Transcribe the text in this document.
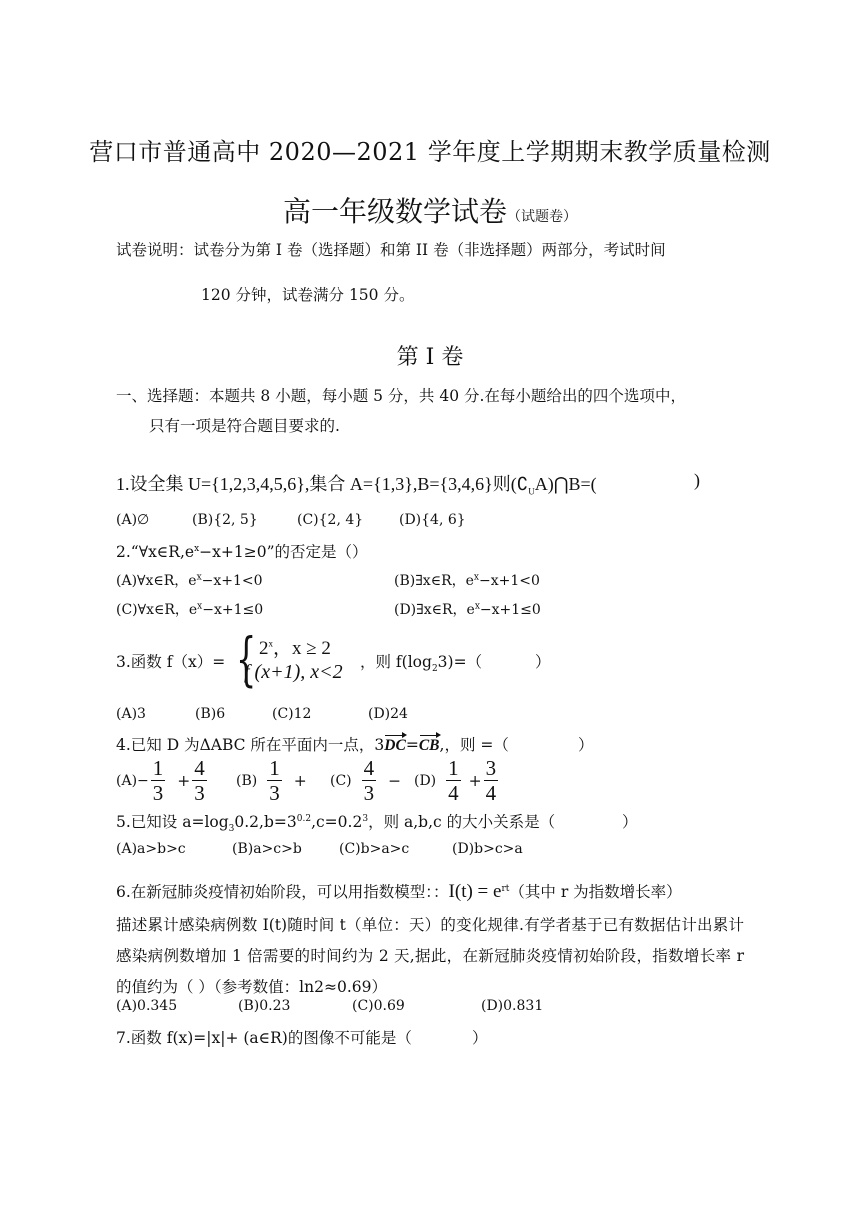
营口市普通高中 2020—2021 学年度上学期期末教学质量检测
高一年级数学试卷（试题卷）
试卷说明：试卷分为第 I 卷（选择题）和第 II 卷（非选择题）两部分，考试时间
120 分钟，试卷满分 150 分。
第 I 卷
一、选择题：本题共 8 小题，每小题 5 分，共 40 分.在每小题给出的四个选项中，
只有一项是符合题目要求的.
1.设全集 U={1,2,3,4,5,6},集合 A={1,3},B={3,4,6}则$(∁_UA)⋂B=$(	)
(A)∅	(B){2, 5}	(C){2, 4}	(D){4, 6}
$2.“\forall x\in R,e^x-x+1\ge 0$”的否定是（）
(A)∀x∈R，$e^x-x+1<0$	(B)∃x∈R，$e^x-x+1<0$
(C)∀x∈R，$e^x-x+1\le 0$	(D)∃x∈R，$e^x-x+1\le 0$
3.函数 f（x）= { 2$^x$，x ≥ 2
f (x+1), x<2 ，则 $f(\log_23)=$（	）
(A)3	(B)6	(C)12	(D)24
4.已知 D 为ΔABC 所在平面内一点，3DC=CB,，则 =（	）
$(A)- \frac{1}{3} + \frac{4}{3} (B) \frac{1}{3} + (C) \frac{4}{3} - (D) \frac{1}{4} + \frac{3}{4}$
5.已知设 $a=\log_30.2,b=3^{0.2},c=0.2^3$，则 a,b,c 的大小关系是（	）
(A)a>b>c	(B)a>c>b	(C)b>a>c	(D)b>c>a
6.在新冠肺炎疫情初始阶段，可以用指数模型：：$I(t) = e^{rt}$（其中 r 为指数增长率）
描述累计感染病例数 I(t)随时间 t（单位：天）的变化规律.有学者基于已有数据估计出累计感染病例数增加 1 倍需要的时间约为 2 天,据此，在新冠肺炎疫情初始阶段，指数增长率 r 的值约为（ ）（参考数值：ln2≈0.69）
(A)0.345	(B)0.23	(C)0.69	(D)0.831
7.函数 f(x)=|x|+ (a∈R)的图像不可能是（	）
